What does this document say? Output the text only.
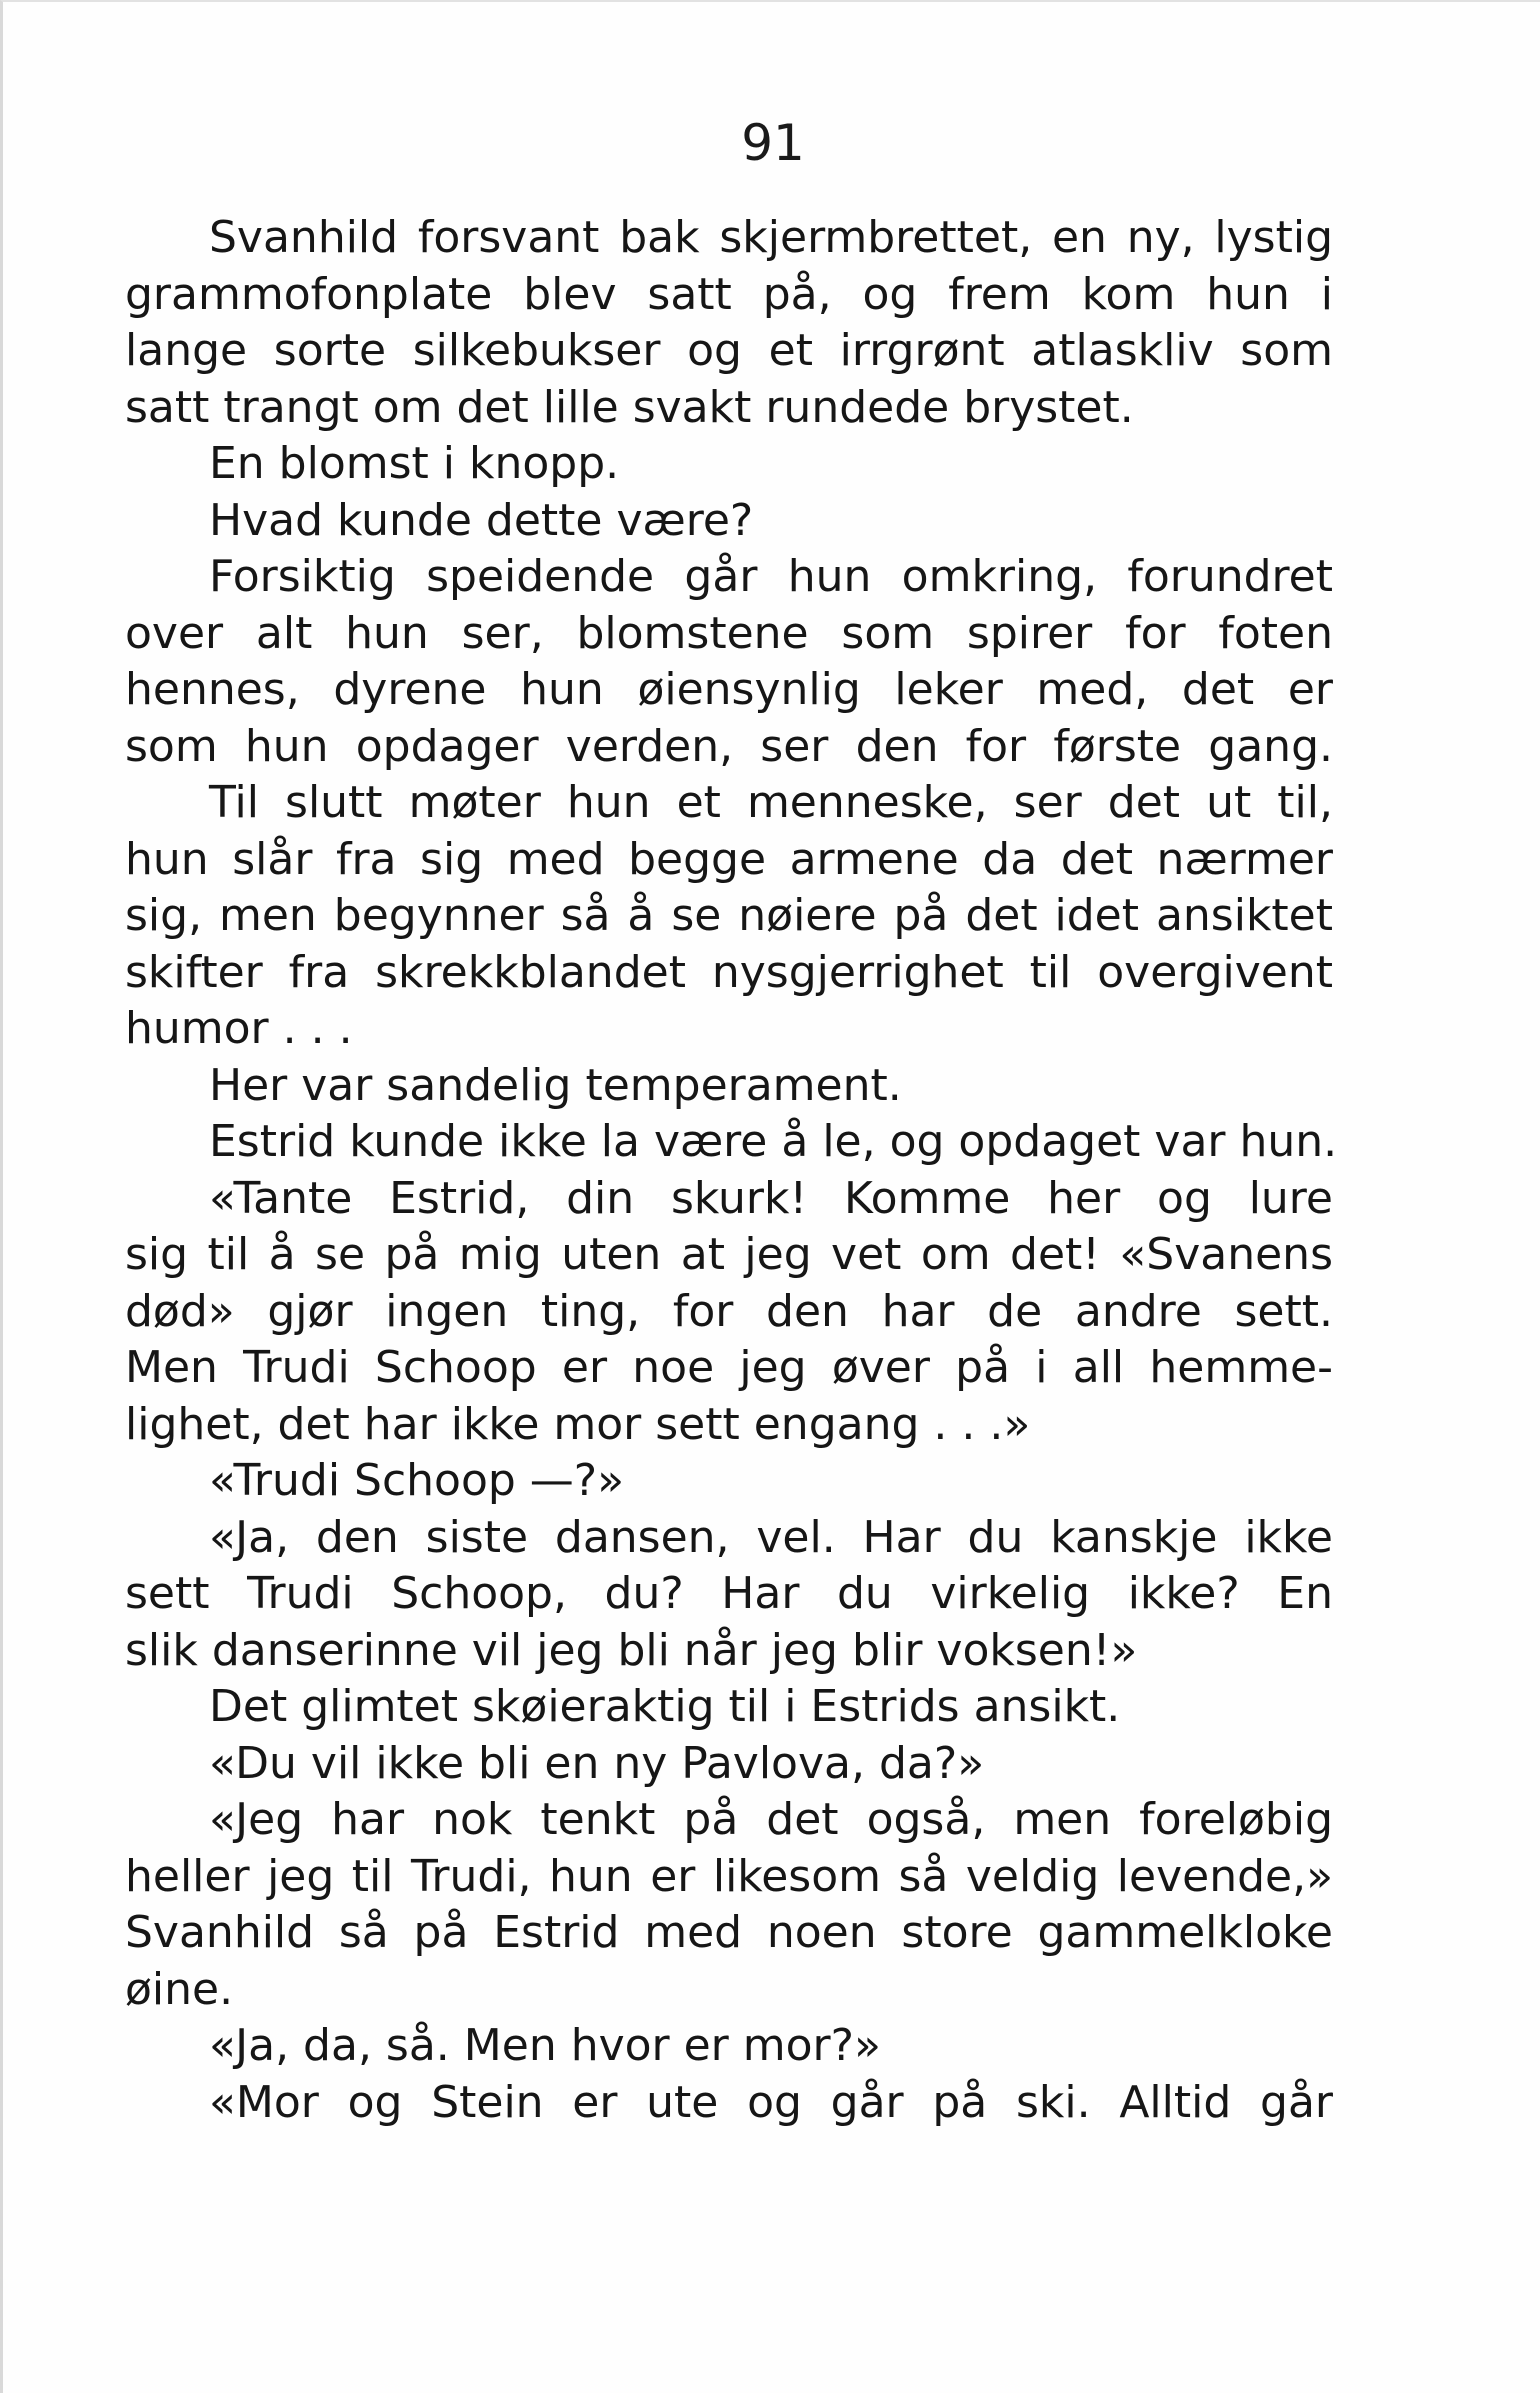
91
Svanhild forsvant bak skjermbrettet, en ny, lystig
grammofonplate blev satt på, og frem kom hun i
lange sorte silkebukser og et irrgrønt atlaskliv som
satt trangt om det lille svakt rundede brystet.
En blomst i knopp.
Hvad kunde dette være?
Forsiktig speidende går hun omkring, forundret
over alt hun ser, blomstene som spirer for foten
hennes, dyrene hun øiensynlig leker med, det er
som hun opdager verden, ser den for første gang.
Til slutt møter hun et menneske, ser det ut til,
hun slår fra sig med begge armene da det nærmer
sig, men begynner så å se nøiere på det idet ansiktet
skifter fra skrekkblandet nysgjerrighet til overgivent
humor . . .
Her var sandelig temperament.
Estrid kunde ikke la være å le, og opdaget var hun.
«Tante Estrid, din skurk! Komme her og lure
sig til å se på mig uten at jeg vet om det! «Svanens
død» gjør ingen ting, for den har de andre sett.
Men Trudi Schoop er noe jeg øver på i all hemme-
lighet, det har ikke mor sett engang . . .»
«Trudi Schoop —?»
«Ja, den siste dansen, vel. Har du kanskje ikke
sett Trudi Schoop, du? Har du virkelig ikke? En
slik danserinne vil jeg bli når jeg blir voksen!»
Det glimtet skøieraktig til i Estrids ansikt.
«Du vil ikke bli en ny Pavlova, da?»
«Jeg har nok tenkt på det også, men foreløbig
heller jeg til Trudi, hun er likesom så veldig levende,»
Svanhild så på Estrid med noen store gammelkloke
øine.
«Ja, da, så. Men hvor er mor?»
«Mor og Stein er ute og går på ski. Alltid går
